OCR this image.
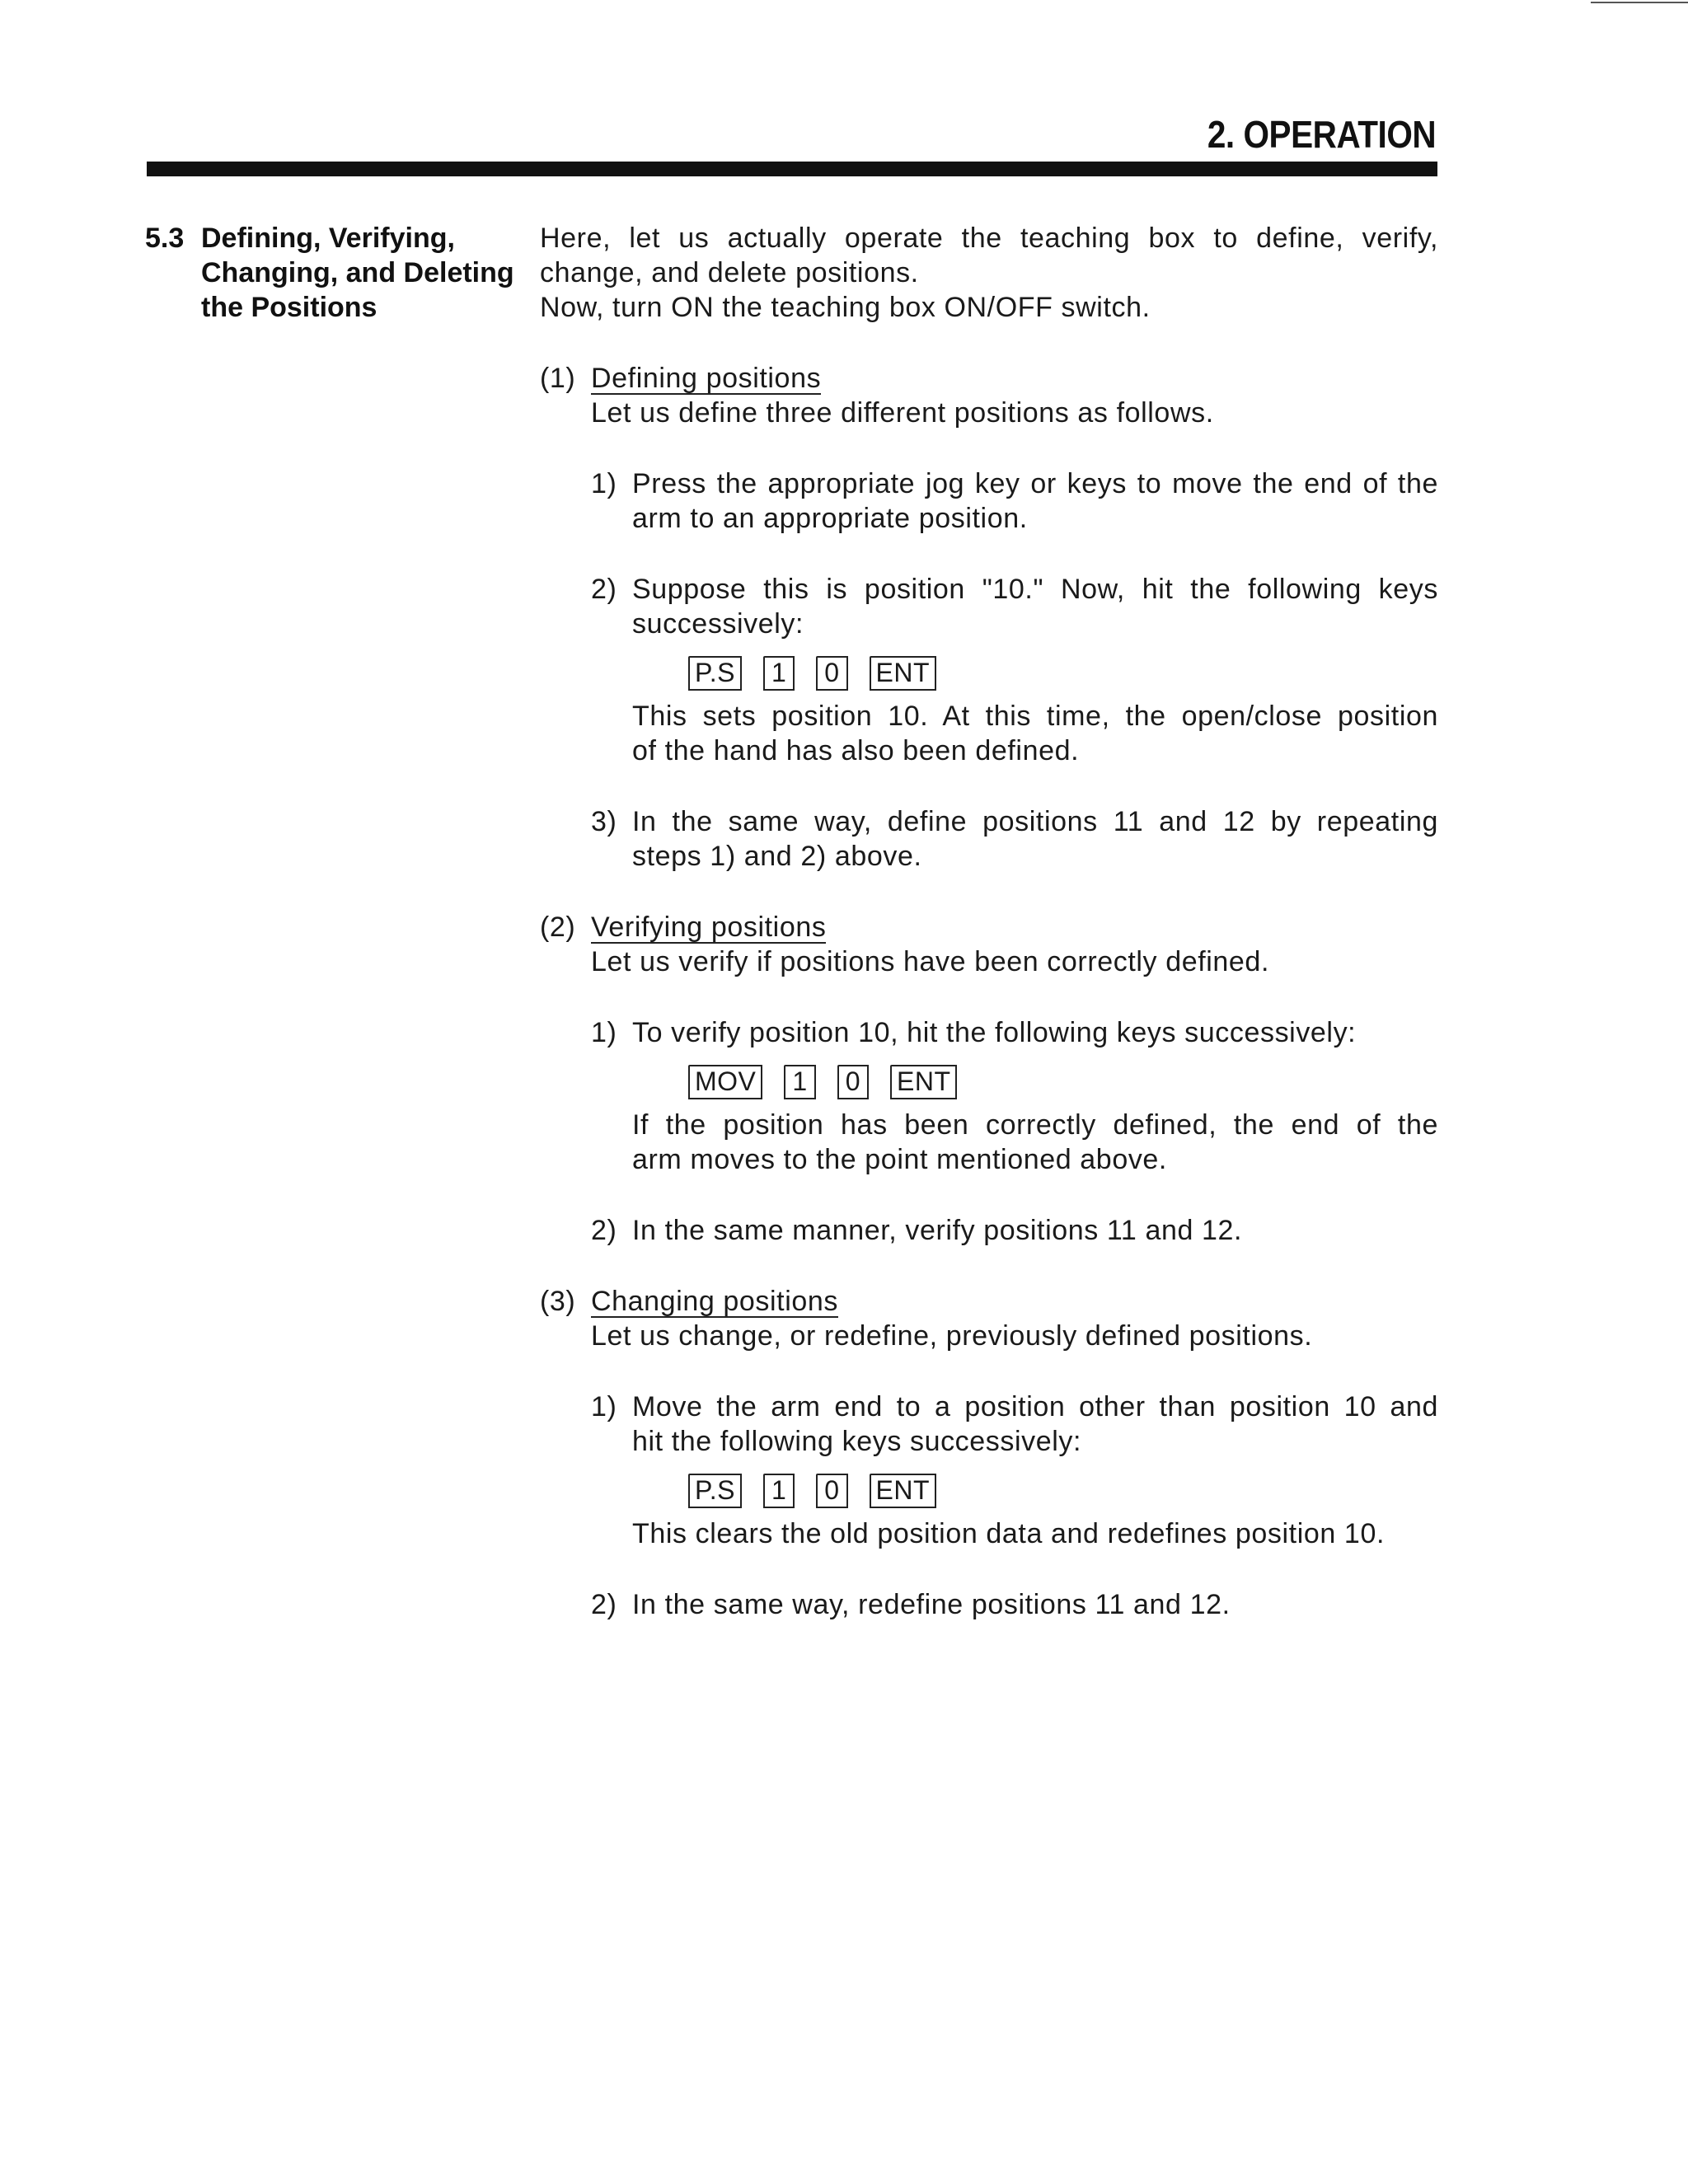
2. OPERATION
5.3 Defining, Verifying,
Changing, and Deleting
the Positions
Here, let us actually operate the teaching box to define, verify,
change, and delete positions.
Now, turn ON the teaching box ON/OFF switch.
(1) Defining positions
Let us define three different positions as follows.
1) Press the appropriate jog key or keys to move the end of the
arm to an appropriate position.
2) Suppose this is position "10." Now, hit the following keys
successively:
P.S	1	0	ENT
This sets position 10. At this time, the open/close position
of the hand has also been defined.
3) In the same way, define positions 11 and 12 by repeating
steps 1) and 2) above.
(2) Verifying positions
Let us verify if positions have been correctly defined.
1) To verify position 10, hit the following keys successively:
MOV	1	0	ENT
If the position has been correctly defined, the end of the
arm moves to the point mentioned above.
2) In the same manner, verify positions 11 and 12.
(3) Changing positions
Let us change, or redefine, previously defined positions.
1) Move the arm end to a position other than position 10 and
hit the following keys successively:
P.S	1	0	ENT
This clears the old position data and redefines position 10.
2) In the same way, redefine positions 11 and 12.
